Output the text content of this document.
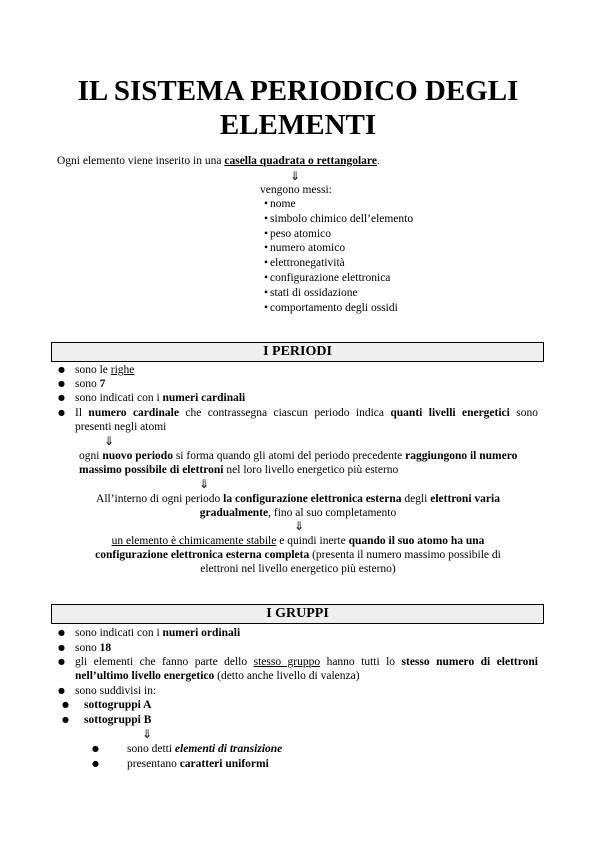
IL SISTEMA PERIODICO DEGLI ELEMENTI
Ogni elemento viene inserito in una casella quadrata o rettangolare.
⇓
vengono messi:
• nome
• simbolo chimico dell’elemento
• peso atomico
• numero atomico
• elettronegatività
• configurazione elettronica
• stati di ossidazione
• comportamento degli ossidi
I PERIODI
● sono le righe
● sono 7
● sono indicati con i numeri cardinali
● Il numero cardinale che contrassegna ciascun periodo indica quanti livelli energetici sono
presenti negli atomi
⇓
ogni nuovo periodo si forma quando gli atomi del periodo precedente raggiungono il numero
massimo possibile di elettroni nel loro livello energetico più esterno
⇓
All’interno di ogni periodo la configurazione elettronica esterna degli elettroni varia
gradualmente, fino al suo completamento
⇓
un elemento è chimicamente stabile e quindi inerte quando il suo atomo ha una
configurazione elettronica esterna completa (presenta il numero massimo possibile di
elettroni nel livello energetico più esterno)
I GRUPPI
● sono indicati con i numeri ordinali
● sono 18
● gli elementi che fanno parte dello stesso gruppo hanno tutti lo stesso numero di elettroni
nell’ultimo livello energetico (detto anche livello di valenza)
● sono suddivisi in:
● sottogruppi A
● sottogruppi B
⇓
● sono detti elementi di transizione
● presentano caratteri uniformi
